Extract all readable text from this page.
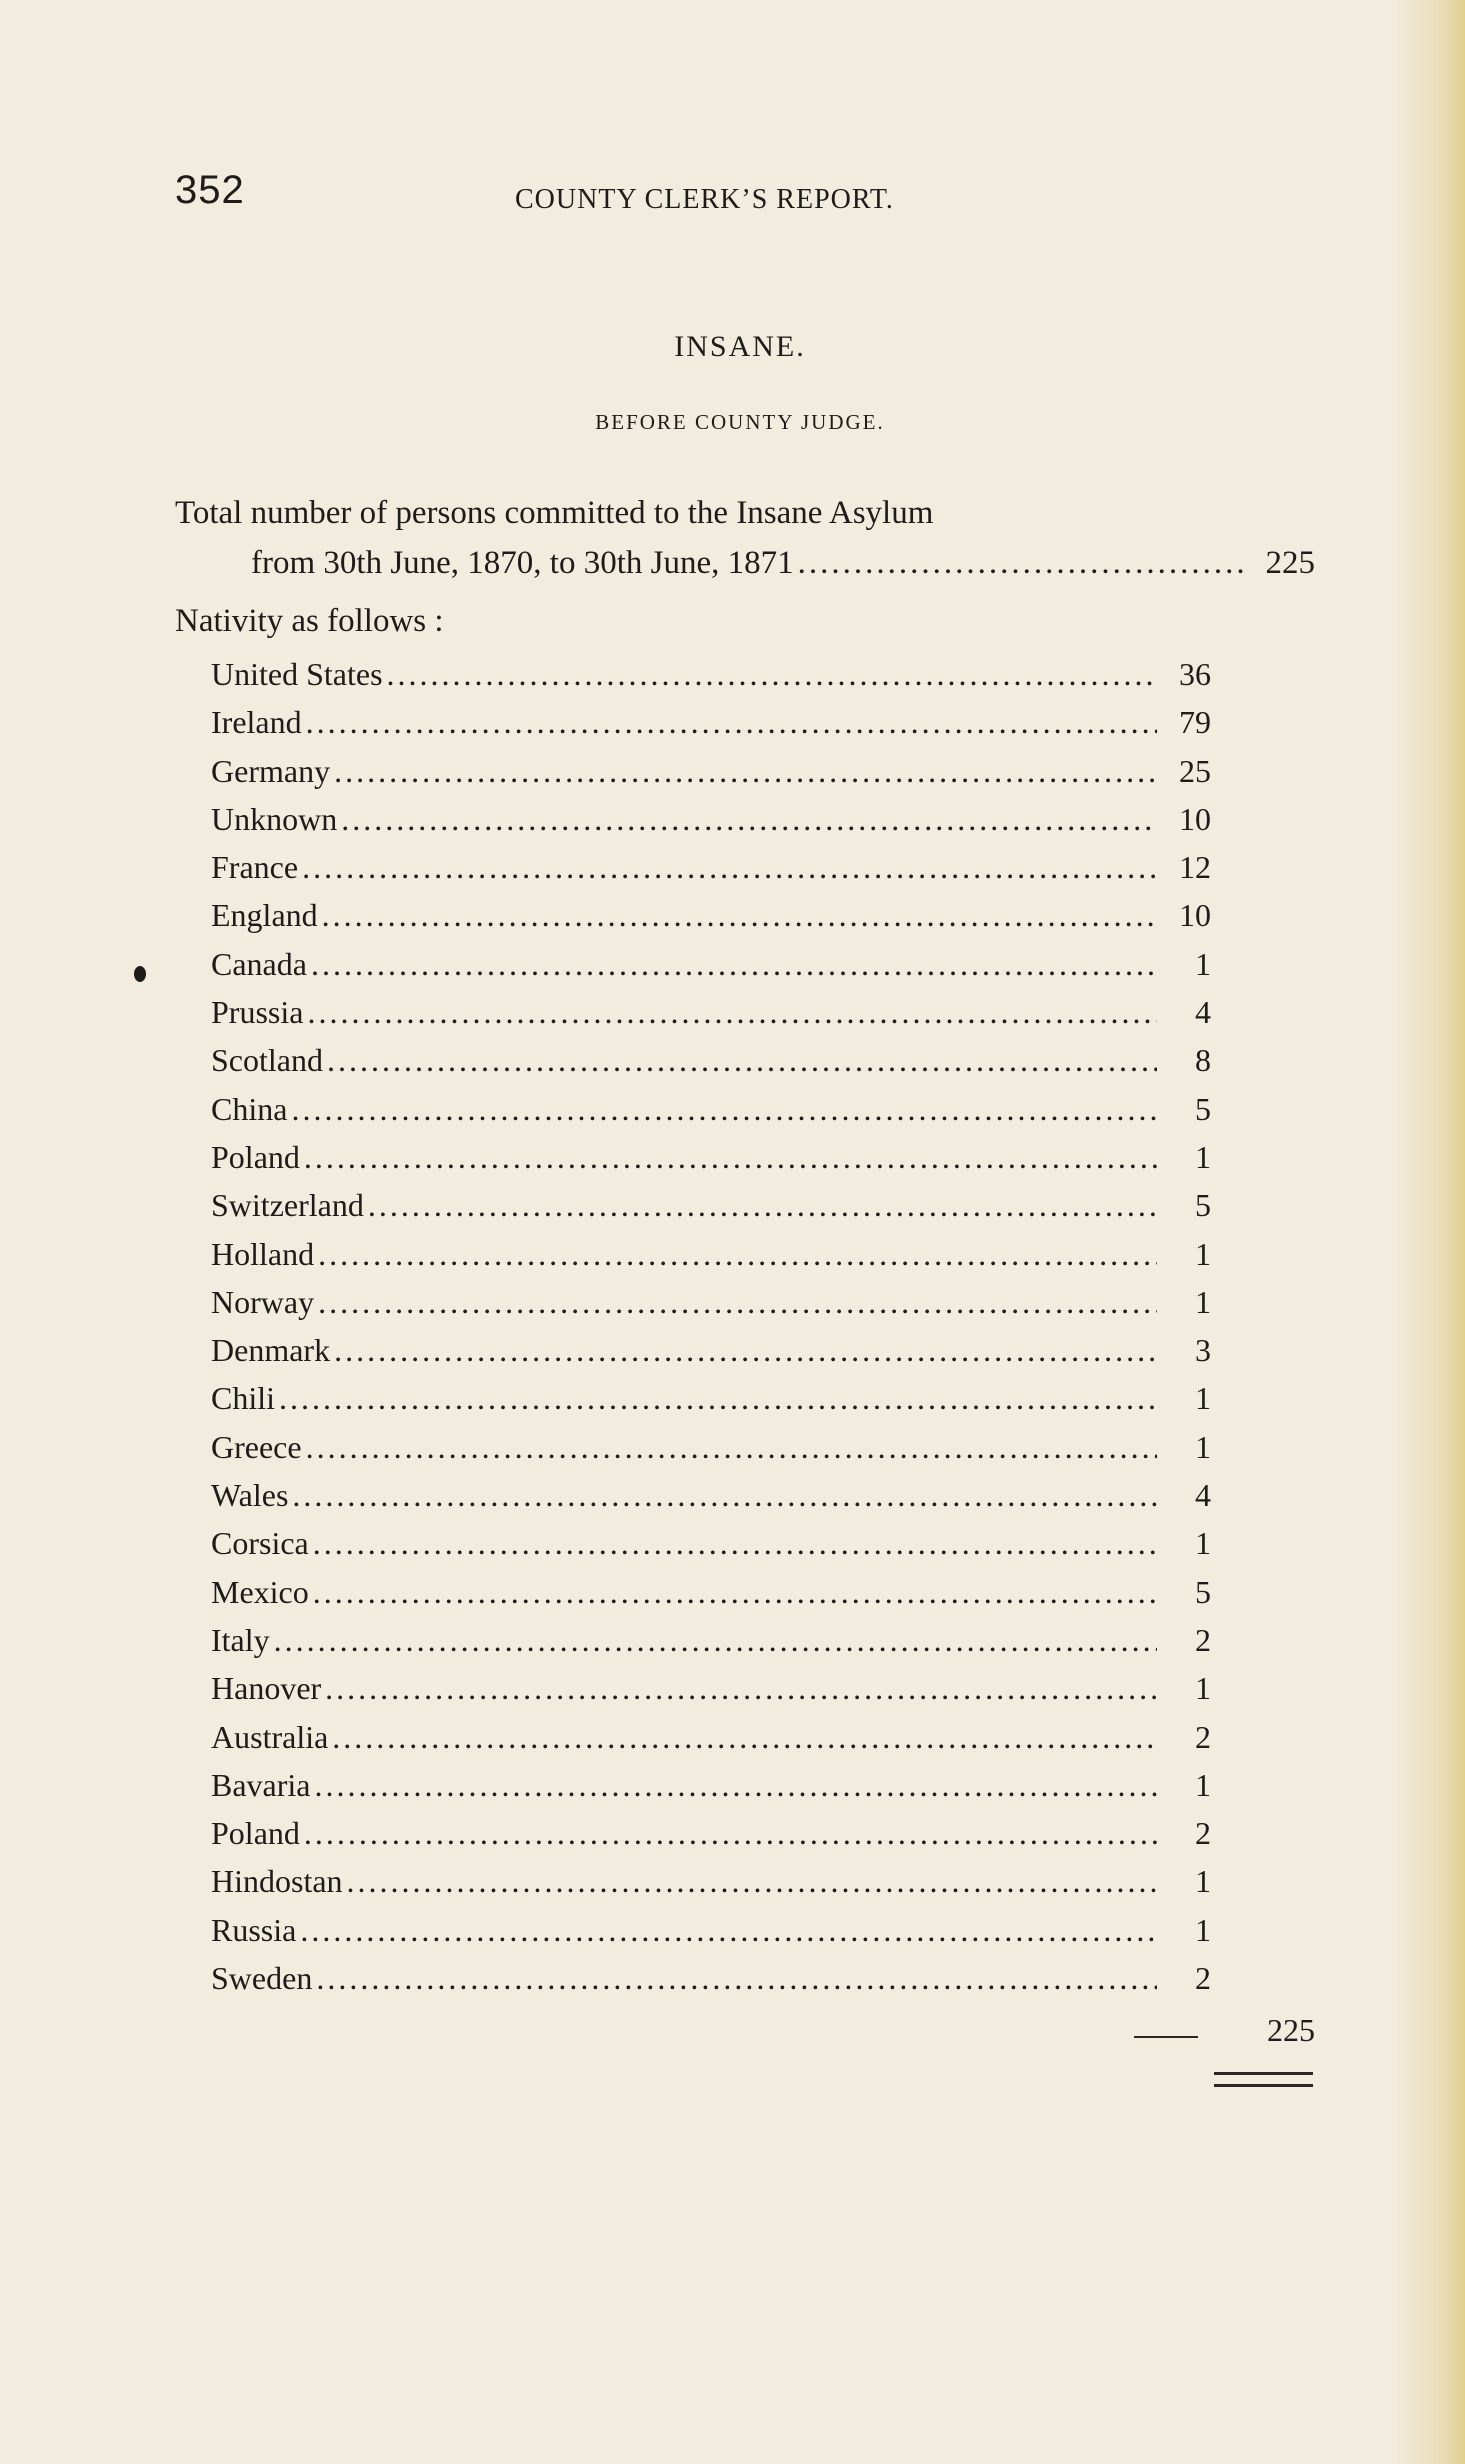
352	COUNTY CLERK’S REPORT.
INSANE.
BEFORE COUNTY JUDGE.
Total number of persons committed to the Insane Asylum
from 30th June, 1870, to 30th June, 1871 .....	225
Nativity as follows :
United States .....	36
Ireland .....	79
Germany .....	25
Unknown .....	10
France .....	12
England .....	10
Canada .....	1
Prussia .....	4
Scotland .....	8
China .....	5
Poland .....	1
Switzerland .....	5
Holland .....	1
Norway .....	1
Denmark .....	3
Chili .....	1
Greece .....	1
Wales .....	4
Corsica .....	1
Mexico .....	5
Italy .....	2
Hanover .....	1
Australia .....	2
Bavaria .....	1
Poland .....	2
Hindostan .....	1
Russia .....	1
Sweden .....	2
225
